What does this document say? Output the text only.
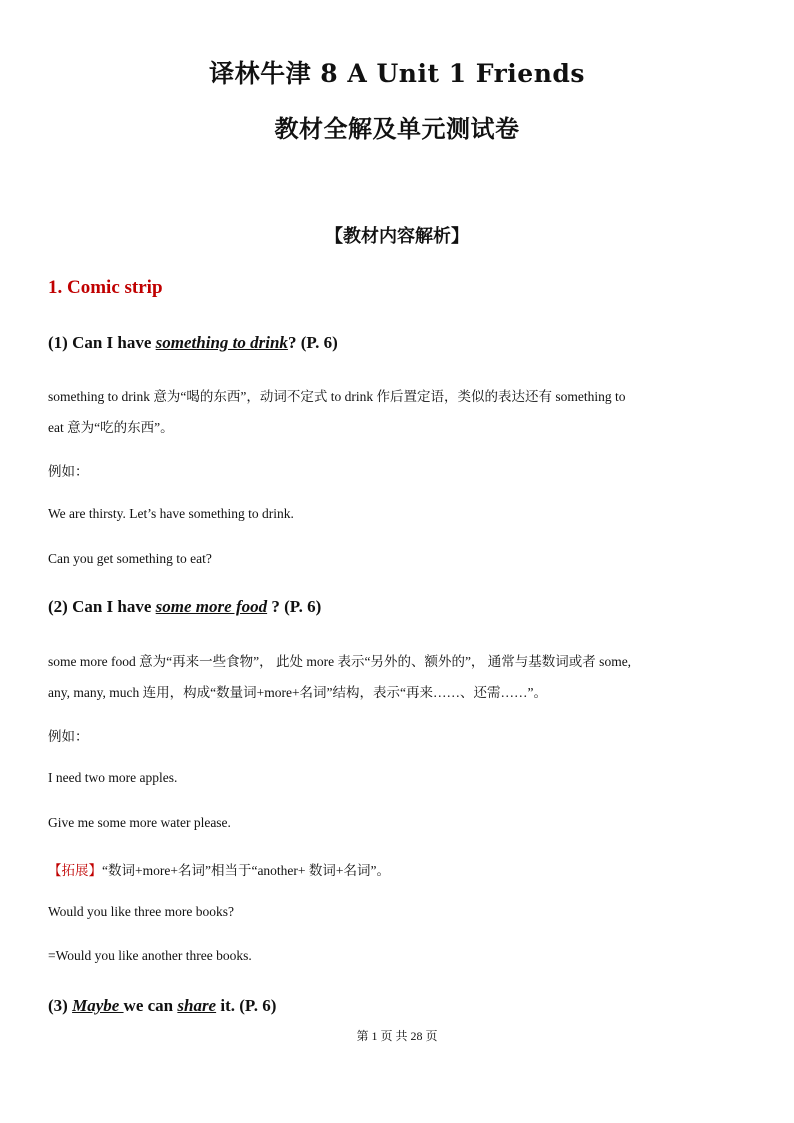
译林牛津 8 A Unit 1 Friends
教材全解及单元测试卷
【教材内容解析】
1. Comic strip
(1) Can I have something to drink? (P. 6)
something to drink 意为“喝的东西”，动词不定式 to drink 作后置定语，类似的表达还有 something to
eat 意为“吃的东西”。
例如：
We are thirsty. Let’s have something to drink.
Can you get something to eat?
(2) Can I have some more food ? (P. 6)
some more food 意为“再来一些食物”， 此处 more 表示“另外的、额外的”， 通常与基数词或者 some,
any, many, much 连用，构成“数量词+more+名词”结构，表示“再来……、还需……”。
例如：
I need two more apples.
Give me some more water please.
【拓展】“数词+more+名词”相当于“another+ 数词+名词”。
Would you like three more books?
=Would you like another three books.
(3) Maybe we can share it. (P. 6)
第 1 页 共 28 页
